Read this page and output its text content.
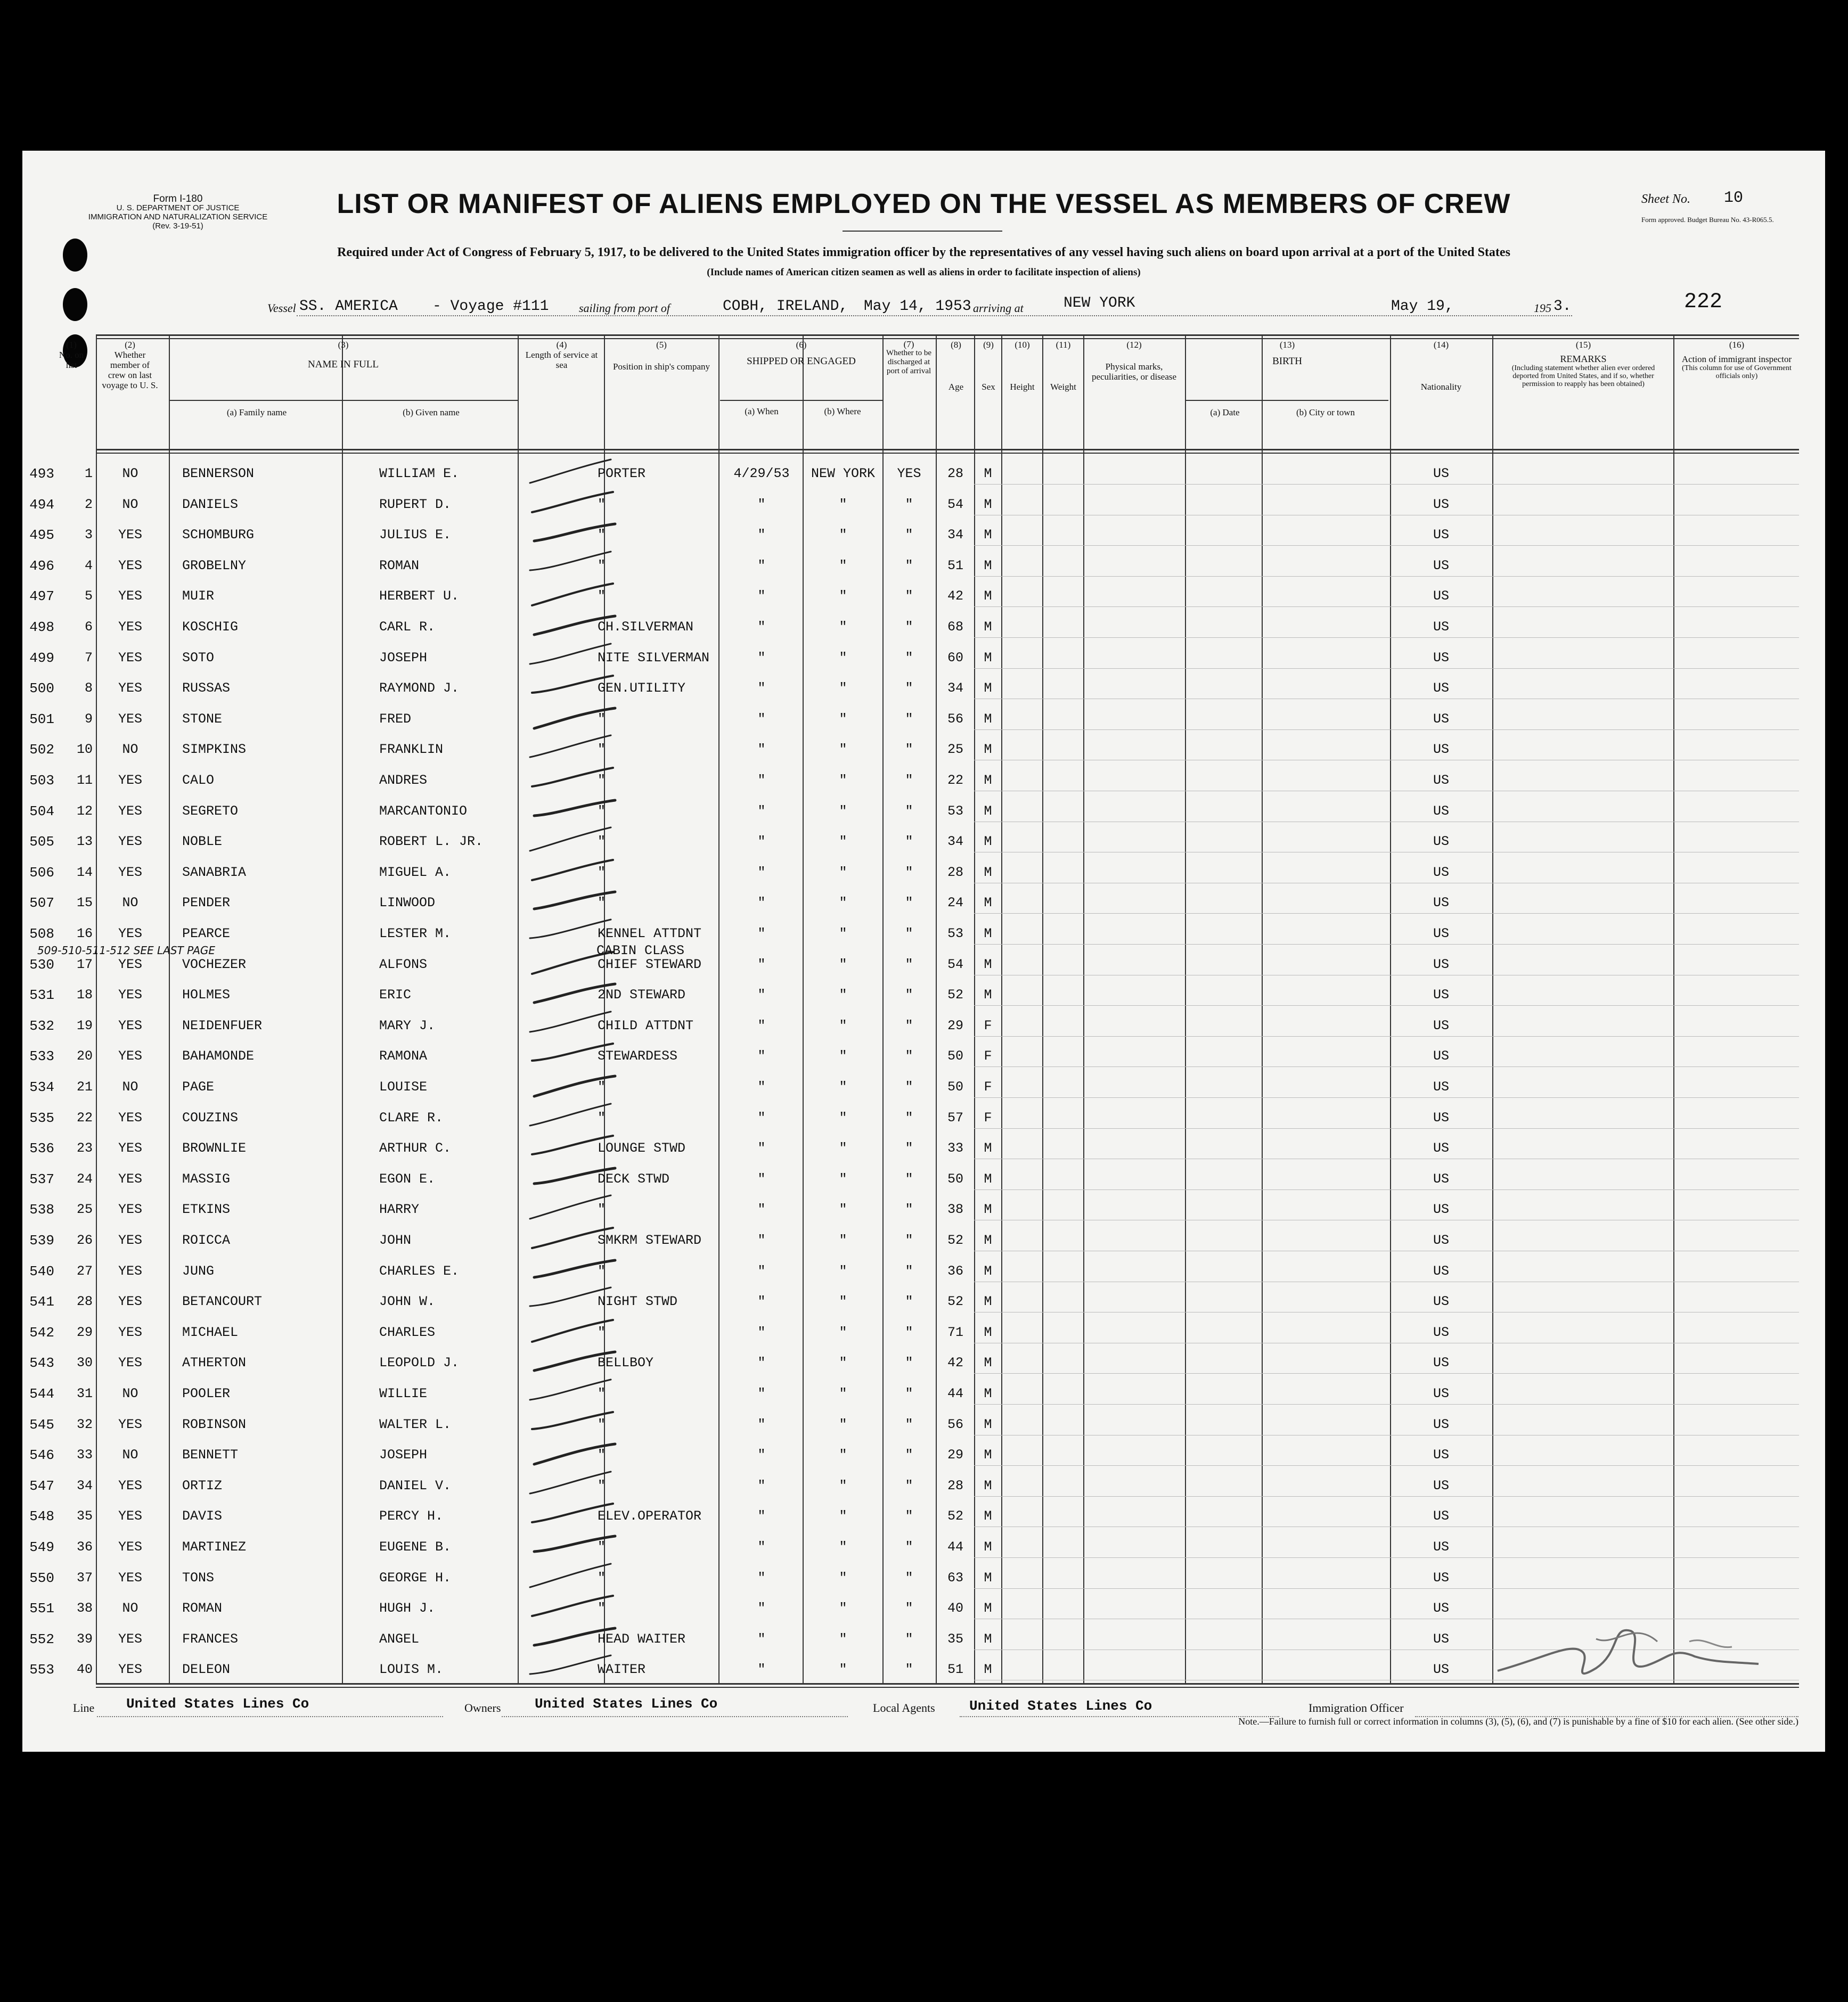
Form I-180
U. S. DEPARTMENT OF JUSTICE
IMMIGRATION AND NATURALIZATION SERVICE
(Rev. 3-19-51)
LIST OR MANIFEST OF ALIENS EMPLOYED ON THE VESSEL AS MEMBERS OF CREW
Required under Act of Congress of February 5, 1917, to be delivered to the United States immigration officer by the representatives of any vessel having such aliens on board upon arrival at a port of the United States
(Include names of American citizen seamen as well as aliens in order to facilitate inspection of aliens)
Sheet No. 10
Form approved. Budget Bureau No. 43-R065.5.
222
Vessel SS. AMERICA - Voyage #111	sailing from port of	COBH, IRELAND, May 14, 1953 arriving at	NEW YORK	May 19,	195 3.
(1)
No. on list
(2)
Whether member of crew on last voyage to U. S.
(3)
NAME IN FULL
(a) Family name	(b) Given name
(4)
Length of service at sea
(5)
Position in ship's company
(6)
SHIPPED OR ENGAGED
(a) When	(b) Where
(7)
Whether to be discharged at port of arrival
(8)
Age
(9)
Sex
(10)
Height
(11)
Weight
(12)
Physical marks, peculiarities, or disease
(13)
BIRTH
(a) Date	(b) City or town
(14)
Nationality
(15)
REMARKS
(Including statement whether alien ever ordered deported from United States, and if so, whether permission to reapply has been obtained)
(16)
Action of immigrant inspector
(This column for use of Government officials only)
493	1	NO	BENNERSON	WILLIAM E.	PORTER	4/29/53	NEW YORK	YES	28	M	US
494	2	NO	DANIELS	RUPERT D.	"	"	"	"	54	M	US
495	3	YES	SCHOMBURG	JULIUS E.	"	"	"	"	34	M	US
496	4	YES	GROBELNY	ROMAN	"	"	"	"	51	M	US
497	5	YES	MUIR	HERBERT U.	"	"	"	"	42	M	US
498	6	YES	KOSCHIG	CARL R.	CH.SILVERMAN	"	"	"	68	M	US
499	7	YES	SOTO	JOSEPH	NITE SILVERMAN	"	"	"	60	M	US
500	8	YES	RUSSAS	RAYMOND J.	GEN.UTILITY	"	"	"	34	M	US
501	9	YES	STONE	FRED	"	"	"	"	56	M	US
502	10	NO	SIMPKINS	FRANKLIN	"	"	"	"	25	M	US
503	11	YES	CALO	ANDRES	"	"	"	"	22	M	US
504	12	YES	SEGRETO	MARCANTONIO	"	"	"	"	53	M	US
505	13	YES	NOBLE	ROBERT L. JR.	"	"	"	"	34	M	US
506	14	YES	SANABRIA	MIGUEL A.	"	"	"	"	28	M	US
507	15	NO	PENDER	LINWOOD	"	"	"	"	24	M	US
508	16	YES	PEARCE	LESTER M.	KENNEL ATTDNT	"	"	"	53	M	US
530	17	YES	VOCHEZER	ALFONS	CHIEF STEWARD	"	"	"	54	M	US
531	18	YES	HOLMES	ERIC	2ND STEWARD	"	"	"	52	M	US
532	19	YES	NEIDENFUER	MARY J.	CHILD ATTDNT	"	"	"	29	F	US
533	20	YES	BAHAMONDE	RAMONA	STEWARDESS	"	"	"	50	F	US
534	21	NO	PAGE	LOUISE	"	"	"	"	50	F	US
535	22	YES	COUZINS	CLARE R.	"	"	"	"	57	F	US
536	23	YES	BROWNLIE	ARTHUR C.	LOUNGE STWD	"	"	"	33	M	US
537	24	YES	MASSIG	EGON E.	DECK STWD	"	"	"	50	M	US
538	25	YES	ETKINS	HARRY	"	"	"	"	38	M	US
539	26	YES	ROICCA	JOHN	SMKRM STEWARD	"	"	"	52	M	US
540	27	YES	JUNG	CHARLES E.	"	"	"	"	36	M	US
541	28	YES	BETANCOURT	JOHN W.	NIGHT STWD	"	"	"	52	M	US
542	29	YES	MICHAEL	CHARLES	"	"	"	"	71	M	US
543	30	YES	ATHERTON	LEOPOLD J.	BELLBOY	"	"	"	42	M	US
544	31	NO	POOLER	WILLIE	"	"	"	"	44	M	US
545	32	YES	ROBINSON	WALTER L.	"	"	"	"	56	M	US
546	33	NO	BENNETT	JOSEPH	"	"	"	"	29	M	US
547	34	YES	ORTIZ	DANIEL V.	"	"	"	"	28	M	US
548	35	YES	DAVIS	PERCY H.	ELEV.OPERATOR	"	"	"	52	M	US
549	36	YES	MARTINEZ	EUGENE B.	"	"	"	"	44	M	US
550	37	YES	TONS	GEORGE H.	"	"	"	"	63	M	US
551	38	NO	ROMAN	HUGH J.	"	"	"	"	40	M	US
552	39	YES	FRANCES	ANGEL	HEAD WAITER	"	"	"	35	M	US
553	40	YES	DELEON	LOUIS M.	WAITER	"	"	"	51	M	US
CABIN CLASS
509-510-511-512 SEE LAST PAGE
Line United States Lines Co	Owners United States Lines Co	Local Agents United States Lines Co	Immigration Officer
Note.—Failure to furnish full or correct information in columns (3), (5), (6), and (7) is punishable by a fine of $10 for each alien. (See other side.)
